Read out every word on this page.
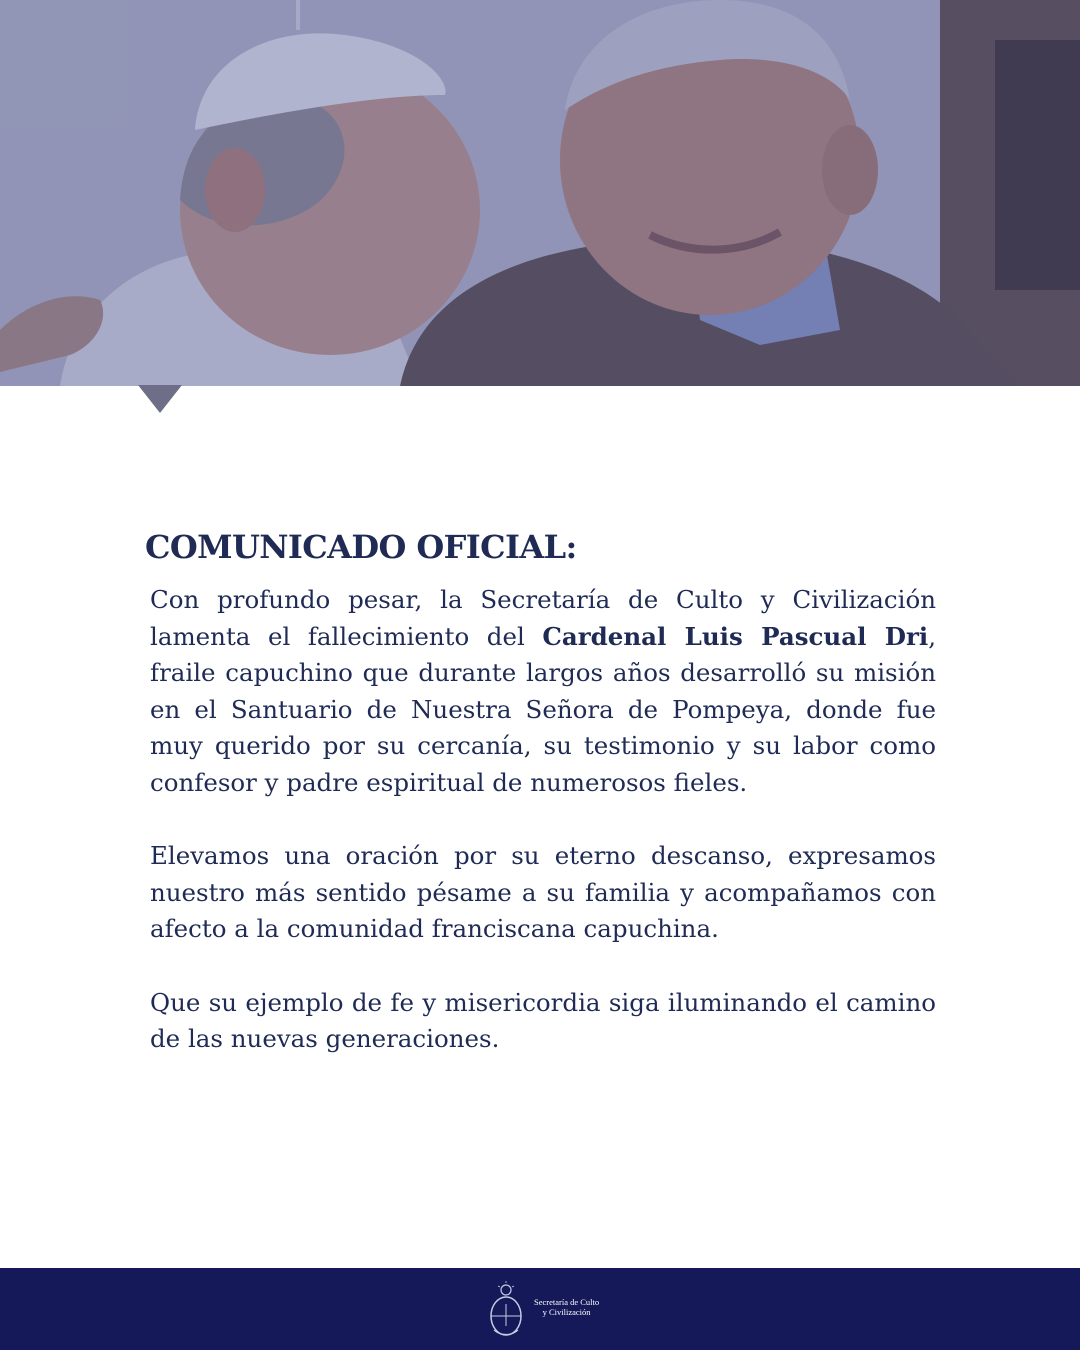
COMUNICADO OFICIAL:

Con profundo pesar, la Secretaría de Culto y Civilización lamenta el fallecimiento del Cardenal Luis Pascual Dri, fraile capuchino que durante largos años desarrolló su misión en el Santuario de Nuestra Señora de Pompeya, donde fue muy querido por su cercanía, su testimonio y su labor como confesor y padre espiritual de numerosos fieles.

Elevamos una oración por su eterno descanso, expresamos nuestro más sentido pésame a su familia y acompañamos con afecto a la comunidad franciscana capuchina.

Que su ejemplo de fe y misericordia siga iluminando el camino de las nuevas generaciones.

Secretaría de Culto
y Civilización
